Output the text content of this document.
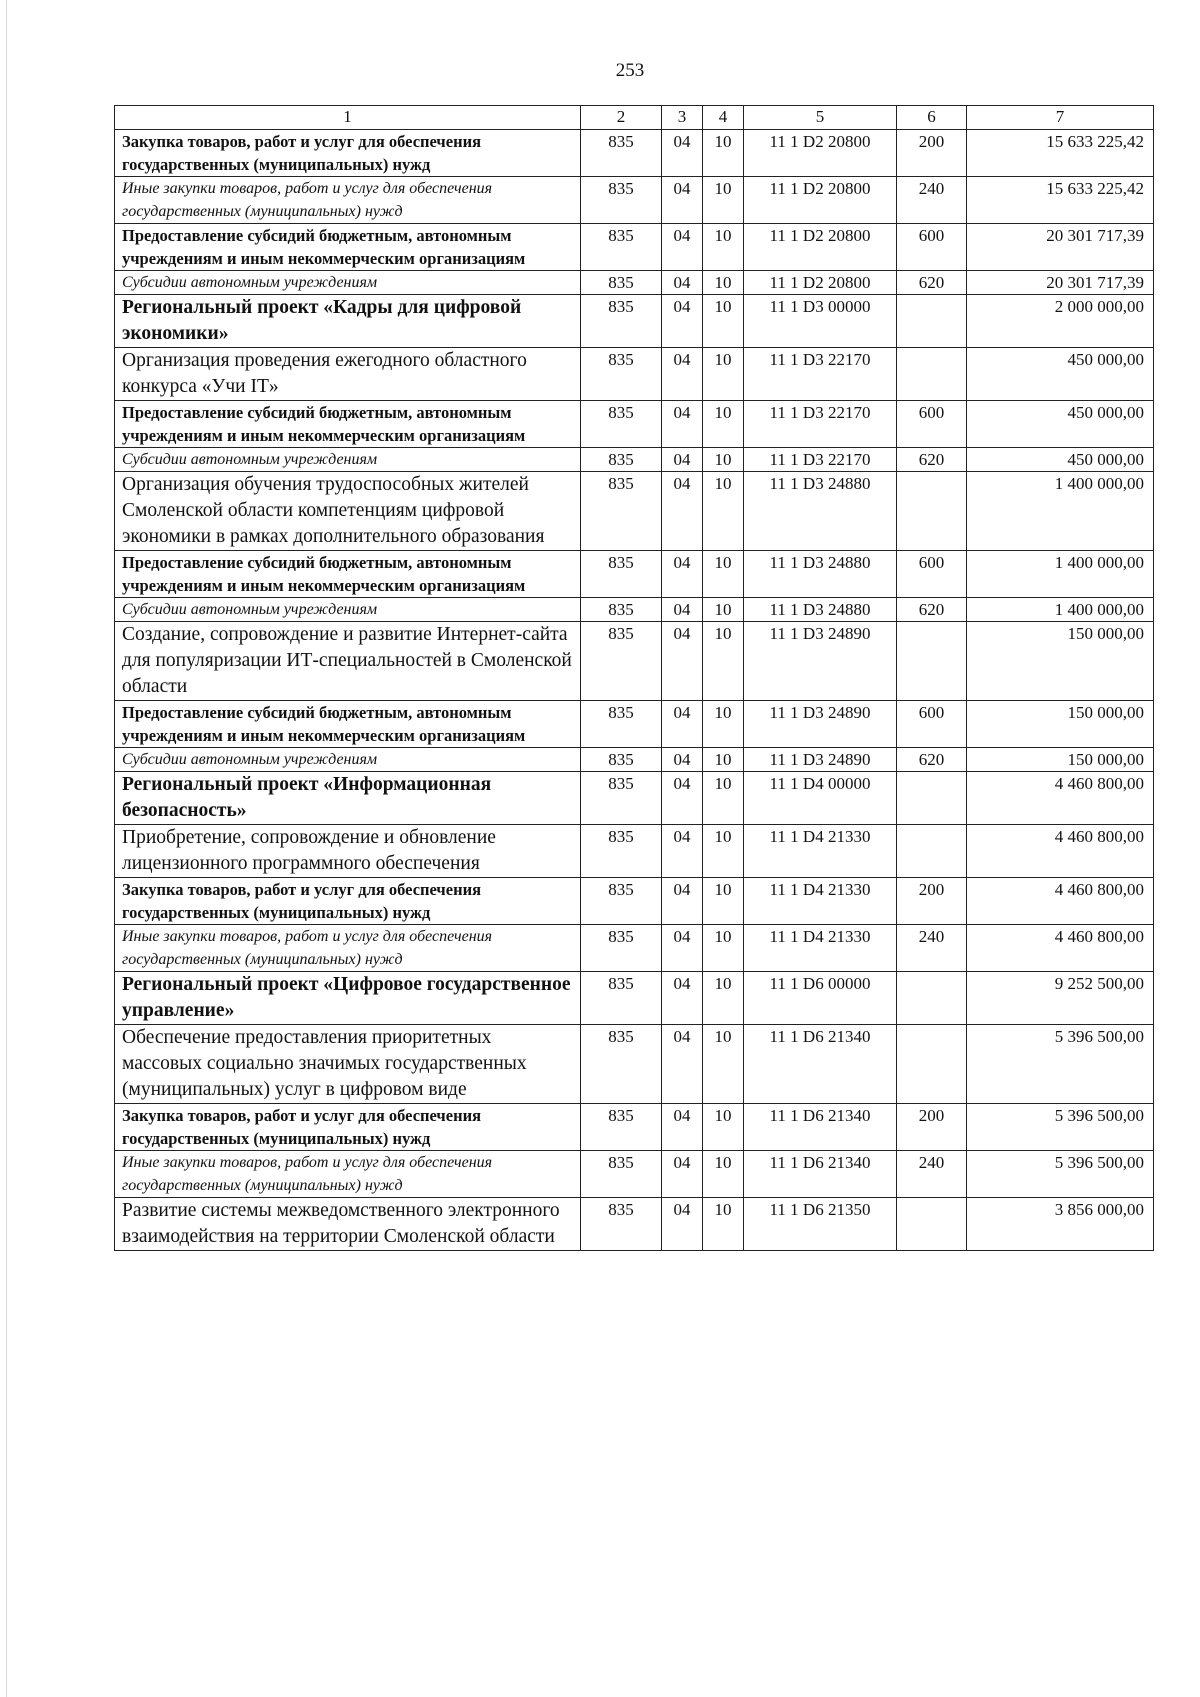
253
1	2	3	4	5	6	7
Закупка товаров, работ и услуг для обеспечения государственных (муниципальных) нужд	835	04	10	11 1 D2 20800	200	15 633 225,42
Иные закупки товаров, работ и услуг для обеспечения государственных (муниципальных) нужд	835	04	10	11 1 D2 20800	240	15 633 225,42
Предоставление субсидий бюджетным, автономным учреждениям и иным некоммерческим организациям	835	04	10	11 1 D2 20800	600	20 301 717,39
Субсидии автономным учреждениям	835	04	10	11 1 D2 20800	620	20 301 717,39
Региональный проект «Кадры для цифровой экономики»	835	04	10	11 1 D3 00000		2 000 000,00
Организация проведения ежегодного областного конкурса «Учи IT»	835	04	10	11 1 D3 22170		450 000,00
Предоставление субсидий бюджетным, автономным учреждениям и иным некоммерческим организациям	835	04	10	11 1 D3 22170	600	450 000,00
Субсидии автономным учреждениям	835	04	10	11 1 D3 22170	620	450 000,00
Организация обучения трудоспособных жителей Смоленской области компетенциям цифровой экономики в рамках дополнительного образования	835	04	10	11 1 D3 24880		1 400 000,00
Предоставление субсидий бюджетным, автономным учреждениям и иным некоммерческим организациям	835	04	10	11 1 D3 24880	600	1 400 000,00
Субсидии автономным учреждениям	835	04	10	11 1 D3 24880	620	1 400 000,00
Создание, сопровождение и развитие Интернет-сайта для популяризации ИТ-специальностей в Смоленской области	835	04	10	11 1 D3 24890		150 000,00
Предоставление субсидий бюджетным, автономным учреждениям и иным некоммерческим организациям	835	04	10	11 1 D3 24890	600	150 000,00
Субсидии автономным учреждениям	835	04	10	11 1 D3 24890	620	150 000,00
Региональный проект «Информационная безопасность»	835	04	10	11 1 D4 00000		4 460 800,00
Приобретение, сопровождение и обновление лицензионного программного обеспечения	835	04	10	11 1 D4 21330		4 460 800,00
Закупка товаров, работ и услуг для обеспечения государственных (муниципальных) нужд	835	04	10	11 1 D4 21330	200	4 460 800,00
Иные закупки товаров, работ и услуг для обеспечения государственных (муниципальных) нужд	835	04	10	11 1 D4 21330	240	4 460 800,00
Региональный проект «Цифровое государственное управление»	835	04	10	11 1 D6 00000		9 252 500,00
Обеспечение предоставления приоритетных массовых социально значимых государственных (муниципальных) услуг в цифровом виде	835	04	10	11 1 D6 21340		5 396 500,00
Закупка товаров, работ и услуг для обеспечения государственных (муниципальных) нужд	835	04	10	11 1 D6 21340	200	5 396 500,00
Иные закупки товаров, работ и услуг для обеспечения государственных (муниципальных) нужд	835	04	10	11 1 D6 21340	240	5 396 500,00
Развитие системы межведомственного электронного взаимодействия на территории Смоленской области	835	04	10	11 1 D6 21350		3 856 000,00
